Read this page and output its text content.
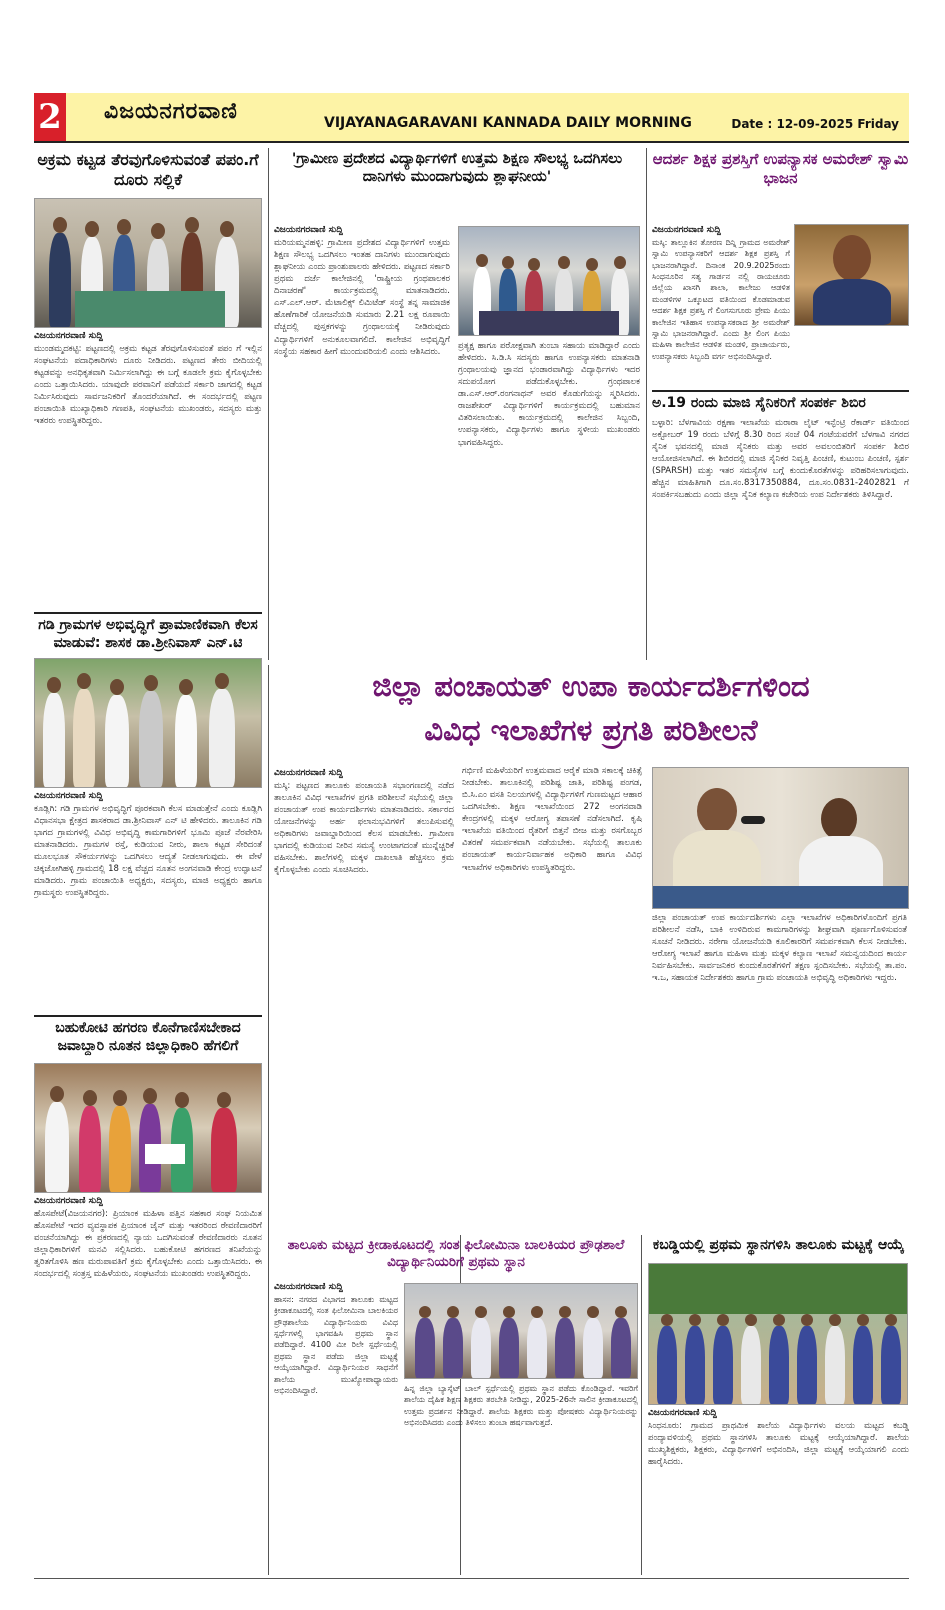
2 ವಿಜಯನಗರವಾಣಿ	VIJAYANAGARAVANI KANNADA DAILY MORNING	Date : 12-09-2025 Friday

ಅಕ್ರಮ ಕಟ್ಟಡ ತೆರವುಗೊಳಿಸುವಂತೆ ಪಪಂ.ಗೆ ದೂರು ಸಲ್ಲಿಕೆ

ವಿಜಯನಗರವಾಣಿ ಸುದ್ದಿ

ಮುಂಡಮ್ಮದಕಟ್ಟಿ: ಪಟ್ಟಣದಲ್ಲಿ ಅಕ್ರಮ ಕಟ್ಟಡ ತೆರವುಗೊಳಿಸುವಂತೆ ಪಪಂ ಗೆ ಇಲ್ಲಿನ ಸಂಘಟನೆಯ ಪದಾಧಿಕಾರಿಗಳು ದೂರು ನೀಡಿದರು. ಪಟ್ಟಣದ ತೇರು ಬೀದಿಯಲ್ಲಿ ಕಟ್ಟಡವನ್ನು ಅನಧಿಕೃತವಾಗಿ ನಿರ್ಮಿಸಲಾಗಿದ್ದು ಈ ಬಗ್ಗೆ ಕೂಡಲೇ ಕ್ರಮ ಕೈಗೊಳ್ಳಬೇಕು ಎಂದು ಒತ್ತಾಯಿಸಿದರು. ಯಾವುದೇ ಪರವಾನಿಗೆ ಪಡೆಯದೆ ಸರ್ಕಾರಿ ಜಾಗದಲ್ಲಿ ಕಟ್ಟಡ ನಿರ್ಮಿಸಿರುವುದು ಸಾರ್ವಜನಿಕರಿಗೆ ತೊಂದರೆಯಾಗಿದೆ. ಈ ಸಂದರ್ಭದಲ್ಲಿ ಪಟ್ಟಣ ಪಂಚಾಯಿತಿ ಮುಖ್ಯಾಧಿಕಾರಿ ಗಣಪತಿ, ಸಂಘಟನೆಯ ಮುಖಂಡರು, ಸದಸ್ಯರು ಮತ್ತು ಇತರರು ಉಪಸ್ಥಿತರಿದ್ದರು.

ಗಡಿ ಗ್ರಾಮಗಳ ಅಭಿವೃದ್ಧಿಗೆ ಪ್ರಾಮಾಣಿಕವಾಗಿ ಕೆಲಸ ಮಾಡುವೆ: ಶಾಸಕ ಡಾ.ಶ್ರೀನಿವಾಸ್ ಎನ್.ಟಿ

ವಿಜಯನಗರವಾಣಿ ಸುದ್ದಿ

ಕೂಡ್ಲಿಗಿ: ಗಡಿ ಗ್ರಾಮಗಳ ಅಭಿವೃದ್ಧಿಗೆ ಪೂರಕವಾಗಿ ಕೆಲಸ ಮಾಡುತ್ತೇನೆ ಎಂದು ಕೂಡ್ಲಿಗಿ ವಿಧಾನಸಭಾ ಕ್ಷೇತ್ರದ ಶಾಸಕರಾದ ಡಾ.ಶ್ರೀನಿವಾಸ್ ಎನ್ ಟಿ ಹೇಳಿದರು. ತಾಲೂಕಿನ ಗಡಿ ಭಾಗದ ಗ್ರಾಮಗಳಲ್ಲಿ ವಿವಿಧ ಅಭಿವೃದ್ಧಿ ಕಾಮಗಾರಿಗಳಿಗೆ ಭೂಮಿ ಪೂಜೆ ನೆರವೇರಿಸಿ ಮಾತನಾಡಿದರು. ಗ್ರಾಮಗಳ ರಸ್ತೆ, ಕುಡಿಯುವ ನೀರು, ಶಾಲಾ ಕಟ್ಟಡ ಸೇರಿದಂತೆ ಮೂಲಭೂತ ಸೌಕರ್ಯಗಳನ್ನು ಒದಗಿಸಲು ಆದ್ಯತೆ ನೀಡಲಾಗುವುದು. ಈ ವೇಳೆ ಚಿಕ್ಕಜೋಗಿಹಳ್ಳಿ ಗ್ರಾಮದಲ್ಲಿ 18 ಲಕ್ಷ ವೆಚ್ಚದ ನೂತನ ಅಂಗನವಾಡಿ ಕೇಂದ್ರ ಉದ್ಘಾಟನೆ ಮಾಡಿದರು. ಗ್ರಾಮ ಪಂಚಾಯಿತಿ ಅಧ್ಯಕ್ಷರು, ಸದಸ್ಯರು, ಮಾಜಿ ಅಧ್ಯಕ್ಷರು ಹಾಗೂ ಗ್ರಾಮಸ್ಥರು ಉಪಸ್ಥಿತರಿದ್ದರು.

ಬಹುಕೋಟಿ ಹಗರಣ ಕೊನೆಗಾಣಿಸಬೇಕಾದ ಜವಾಬ್ದಾರಿ ನೂತನ ಜಿಲ್ಲಾಧಿಕಾರಿ ಹೆಗಲಿಗೆ

ವಿಜಯನಗರವಾಣಿ ಸುದ್ದಿ

ಹೊಸಪೇಟೆ(ವಿಜಯನಗರ): ಪ್ರಿಯಾಂಕ ಮಹಿಳಾ ಪತ್ತಿನ ಸಹಕಾರ ಸಂಘ ನಿಯಮಿತ ಹೊಸಪೇಟೆ ಇದರ ವ್ಯವಸ್ಥಾಪಕ ಪ್ರಿಯಾಂಕ ಜೈನ್ ಮತ್ತು ಇತರರಿಂದ ಠೇವಣಿದಾರರಿಗೆ ವಂಚನೆಯಾಗಿದ್ದು ಈ ಪ್ರಕರಣದಲ್ಲಿ ನ್ಯಾಯ ಒದಗಿಸುವಂತೆ ಠೇವಣಿದಾರರು ನೂತನ ಜಿಲ್ಲಾಧಿಕಾರಿಗಳಿಗೆ ಮನವಿ ಸಲ್ಲಿಸಿದರು. ಬಹುಕೋಟಿ ಹಗರಣದ ತನಿಖೆಯನ್ನು ತ್ವರಿತಗೊಳಿಸಿ ಹಣ ಮರುಪಾವತಿಗೆ ಕ್ರಮ ಕೈಗೊಳ್ಳಬೇಕು ಎಂದು ಒತ್ತಾಯಿಸಿದರು. ಈ ಸಂದರ್ಭದಲ್ಲಿ ಸಂತ್ರಸ್ತ ಮಹಿಳೆಯರು, ಸಂಘಟನೆಯ ಮುಖಂಡರು ಉಪಸ್ಥಿತರಿದ್ದರು.

'ಗ್ರಾಮೀಣ ಪ್ರದೇಶದ ವಿದ್ಯಾರ್ಥಿಗಳಿಗೆ ಉತ್ತಮ ಶಿಕ್ಷಣ ಸೌಲಭ್ಯ ಒದಗಿಸಲು ದಾನಿಗಳು ಮುಂದಾಗುವುದು ಶ್ಲಾಘನೀಯ'

ವಿಜಯನಗರವಾಣಿ ಸುದ್ದಿ

ಮರಿಯಮ್ಮನಹಳ್ಳಿ: ಗ್ರಾಮೀಣ ಪ್ರದೇಶದ ವಿದ್ಯಾರ್ಥಿಗಳಿಗೆ ಉತ್ತಮ ಶಿಕ್ಷಣ ಸೌಲಭ್ಯ ಒದಗಿಸಲು ಇಂತಹ ದಾನಿಗಳು ಮುಂದಾಗುವುದು ಶ್ಲಾಘನೀಯ ಎಂದು ಪ್ರಾಂಶುಪಾಲರು ಹೇಳಿದರು. ಪಟ್ಟಣದ ಸರ್ಕಾರಿ ಪ್ರಥಮ ದರ್ಜೆ ಕಾಲೇಜಿನಲ್ಲಿ 'ರಾಷ್ಟ್ರೀಯ ಗ್ರಂಥಪಾಲಕರ ದಿನಾಚರಣೆ' ಕಾರ್ಯಕ್ರಮದಲ್ಲಿ ಮಾತನಾಡಿದರು. ಎಸ್.ಎಲ್.ಆರ್. ಮೆಟಾಲಿಕ್ಸ್ ಲಿಮಿಟೆಡ್ ಸಂಸ್ಥೆ ತನ್ನ ಸಾಮಾಜಿಕ ಹೊಣೆಗಾರಿಕೆ ಯೋಜನೆಯಡಿ ಸುಮಾರು 2.21 ಲಕ್ಷ ರೂಪಾಯಿ ವೆಚ್ಚದಲ್ಲಿ ಪುಸ್ತಕಗಳನ್ನು ಗ್ರಂಥಾಲಯಕ್ಕೆ ನೀಡಿರುವುದು ವಿದ್ಯಾರ್ಥಿಗಳಿಗೆ ಅನುಕೂಲವಾಗಲಿದೆ. ಕಾಲೇಜಿನ ಅಭಿವೃದ್ಧಿಗೆ ಸಂಸ್ಥೆಯ ಸಹಕಾರ ಹೀಗೆ ಮುಂದುವರಿಯಲಿ ಎಂದು ಆಶಿಸಿದರು.

ಪ್ರತ್ಯಕ್ಷ ಹಾಗೂ ಪರೋಕ್ಷವಾಗಿ ತುಂಬಾ ಸಹಾಯ ಮಾಡಿದ್ದಾರೆ ಎಂದು ಹೇಳಿದರು. ಸಿ.ಡಿ.ಸಿ ಸದಸ್ಯರು ಹಾಗೂ ಉಪನ್ಯಾಸಕರು ಮಾತನಾಡಿ ಗ್ರಂಥಾಲಯವು ಜ್ಞಾನದ ಭಂಡಾರವಾಗಿದ್ದು ವಿದ್ಯಾರ್ಥಿಗಳು ಇದರ ಸದುಪಯೋಗ ಪಡೆದುಕೊಳ್ಳಬೇಕು. ಗ್ರಂಥಪಾಲಕ ಡಾ.ಎಸ್.ಆರ್.ರಂಗನಾಥನ್ ಅವರ ಕೊಡುಗೆಯನ್ನು ಸ್ಮರಿಸಿದರು. ರಾಜಶೇಖರ್ ವಿದ್ಯಾರ್ಥಿಗಳಿಗೆ ಕಾರ್ಯಕ್ರಮದಲ್ಲಿ ಬಹುಮಾನ ವಿತರಿಸಲಾಯಿತು. ಕಾರ್ಯಕ್ರಮದಲ್ಲಿ ಕಾಲೇಜಿನ ಸಿಬ್ಬಂದಿ, ಉಪನ್ಯಾಸಕರು, ವಿದ್ಯಾರ್ಥಿಗಳು ಹಾಗೂ ಸ್ಥಳೀಯ ಮುಖಂಡರು ಭಾಗವಹಿಸಿದ್ದರು.

ಆದರ್ಶ ಶಿಕ್ಷಕ ಪ್ರಶಸ್ತಿಗೆ ಉಪನ್ಯಾಸಕ ಅಮರೇಶ್ ಸ್ವಾಮಿ ಭಾಜನ

ವಿಜಯನಗರವಾಣಿ ಸುದ್ದಿ

ಮಸ್ಕಿ: ತಾಲ್ಲೂಕಿನ ತೋರಣ ದಿನ್ನಿ ಗ್ರಾಮದ ಅಮರೇಶ್ ಸ್ವಾಮಿ ಉಪನ್ಯಾಸಕರಿಗೆ ಆದರ್ಶ ಶಿಕ್ಷಕ ಪ್ರಶಸ್ತಿ ಗೆ ಭಾಜನರಾಗಿದ್ದಾರೆ. ದಿನಾಂಕ 20.9.2025ರಂದು ಸಿಂಧನೂರಿನ ಸತ್ಯ ಗಾರ್ಡನ ನಲ್ಲಿ ರಾಯಚೂರು ಜಿಲ್ಲೆಯ ಖಾಸಗಿ ಶಾಲಾ, ಕಾಲೇಜು ಆಡಳಿತ ಮಂಡಳಿಗಳ ಒಕ್ಕೂಟದ ವತಿಯಿಂದ ಕೊಡಮಾಡುವ ಆದರ್ಶ ಶಿಕ್ಷಕ ಪ್ರಶಸ್ತಿ ಗೆ ಲಿಂಗಸುಗೂರು ಪ್ರೇಮ ಪಿಯು ಕಾಲೇಜಿನ ಇತಿಹಾಸ ಉಪನ್ಯಾಸಕರಾದ ಶ್ರೀ ಅಮರೇಶ್ ಸ್ವಾಮಿ ಭಾಜನರಾಗಿದ್ದಾರೆ. ಎಂದು ಶ್ರೀ ಲಿಂಗ ಪಿಯು ಮಹಿಳಾ ಕಾಲೇಜಿನ ಆಡಳಿತ ಮಂಡಳಿ, ಪ್ರಾಚಾರ್ಯರು, ಉಪನ್ಯಾಸಕರು ಸಿಬ್ಬಂದಿ ವರ್ಗ ಅಭಿನಂದಿಸಿದ್ದಾರೆ.

ಅ.19 ರಂದು ಮಾಜಿ ಸೈನಿಕರಿಗೆ ಸಂಪರ್ಕ ಶಿಬಿರ

ಬಳ್ಳಾರಿ: ಬೆಳಗಾವಿಯ ರಕ್ಷಣಾ ಇಲಾಖೆಯ ಮರಾಠಾ ಲೈಟ್ ಇನ್ಫೆಂಟ್ರಿ ರೆಕಾರ್ಡ್ ವತಿಯಿಂದ ಅಕ್ಟೋಬರ್ 19 ರಂದು ಬೆಳಿಗ್ಗೆ 8.30 ರಿಂದ ಸಂಜೆ 04 ಗಂಟೆಯವರೆಗೆ ಬೆಳಗಾವಿ ನಗರದ ಸೈನಿಕ ಭವನದಲ್ಲಿ ಮಾಜಿ ಸೈನಿಕರು ಮತ್ತು ಅವರ ಅವಲಂಬಿತರಿಗೆ ಸಂಪರ್ಕ ಶಿಬಿರ ಆಯೋಜಿಸಲಾಗಿದೆ. ಈ ಶಿಬಿರದಲ್ಲಿ ಮಾಜಿ ಸೈನಿಕರ ನಿವೃತ್ತಿ ಪಿಂಚಣಿ, ಕುಟುಂಬ ಪಿಂಚಣಿ, ಸ್ಪರ್ಶ (SPARSH) ಮತ್ತು ಇತರ ಸಮಸ್ಯೆಗಳ ಬಗ್ಗೆ ಕುಂದುಕೊರತೆಗಳನ್ನು ಪರಿಹರಿಸಲಾಗುವುದು. ಹೆಚ್ಚಿನ ಮಾಹಿತಿಗಾಗಿ ದೂ.ಸಂ.8317350884, ದೂ.ಸಂ.0831-2402821 ಗೆ ಸಂಪರ್ಕಿಸಬಹುದು ಎಂದು ಜಿಲ್ಲಾ ಸೈನಿಕ ಕಲ್ಯಾಣ ಕಚೇರಿಯ ಉಪ ನಿರ್ದೇಶಕರು ತಿಳಿಸಿದ್ದಾರೆ.

ಜಿಲ್ಲಾ ಪಂಚಾಯತ್ ಉಪಾ ಕಾರ್ಯದರ್ಶಿಗಳಿಂದ
ವಿವಿಧ ಇಲಾಖೆಗಳ ಪ್ರಗತಿ ಪರಿಶೀಲನೆ

ವಿಜಯನಗರವಾಣಿ ಸುದ್ದಿ

ಮಸ್ಕಿ: ಪಟ್ಟಣದ ತಾಲೂಕು ಪಂಚಾಯತಿ ಸಭಾಂಗಣದಲ್ಲಿ ನಡೆದ ತಾಲೂಕಿನ ವಿವಿಧ ಇಲಾಖೆಗಳ ಪ್ರಗತಿ ಪರಿಶೀಲನೆ ಸಭೆಯಲ್ಲಿ ಜಿಲ್ಲಾ ಪಂಚಾಯತ್ ಉಪ ಕಾರ್ಯದರ್ಶಿಗಳು ಮಾತನಾಡಿದರು. ಸರ್ಕಾರದ ಯೋಜನೆಗಳನ್ನು ಅರ್ಹ ಫಲಾನುಭವಿಗಳಿಗೆ ತಲುಪಿಸುವಲ್ಲಿ ಅಧಿಕಾರಿಗಳು ಜವಾಬ್ದಾರಿಯಿಂದ ಕೆಲಸ ಮಾಡಬೇಕು. ಗ್ರಾಮೀಣ ಭಾಗದಲ್ಲಿ ಕುಡಿಯುವ ನೀರಿನ ಸಮಸ್ಯೆ ಉಂಟಾಗದಂತೆ ಮುನ್ನೆಚ್ಚರಿಕೆ ವಹಿಸಬೇಕು. ಶಾಲೆಗಳಲ್ಲಿ ಮಕ್ಕಳ ದಾಖಲಾತಿ ಹೆಚ್ಚಿಸಲು ಕ್ರಮ ಕೈಗೊಳ್ಳಬೇಕು ಎಂದು ಸೂಚಿಸಿದರು.

ಗರ್ಭಿಣಿ ಮಹಿಳೆಯರಿಗೆ ಉತ್ತಮವಾದ ಆರೈಕೆ ಮಾಡಿ ಸಕಾಲಕ್ಕೆ ಚಿಕಿತ್ಸೆ ನೀಡಬೇಕು. ತಾಲೂಕಿನಲ್ಲಿ ಪರಿಶಿಷ್ಟ ಜಾತಿ, ಪರಿಶಿಷ್ಟ ಪಂಗಡ, ಬಿ.ಸಿ.ಎಂ ವಸತಿ ನಿಲಯಗಳಲ್ಲಿ ವಿದ್ಯಾರ್ಥಿಗಳಿಗೆ ಗುಣಮಟ್ಟದ ಆಹಾರ ಒದಗಿಸಬೇಕು. ಶಿಕ್ಷಣ ಇಲಾಖೆಯಿಂದ 272 ಅಂಗನವಾಡಿ ಕೇಂದ್ರಗಳಲ್ಲಿ ಮಕ್ಕಳ ಆರೋಗ್ಯ ತಪಾಸಣೆ ನಡೆಸಲಾಗಿದೆ. ಕೃಷಿ ಇಲಾಖೆಯ ವತಿಯಿಂದ ರೈತರಿಗೆ ಬಿತ್ತನೆ ಬೀಜ ಮತ್ತು ರಸಗೊಬ್ಬರ ವಿತರಣೆ ಸಮರ್ಪಕವಾಗಿ ನಡೆಯಬೇಕು. ಸಭೆಯಲ್ಲಿ ತಾಲೂಕು ಪಂಚಾಯತ್ ಕಾರ್ಯನಿರ್ವಾಹಕ ಅಧಿಕಾರಿ ಹಾಗೂ ವಿವಿಧ ಇಲಾಖೆಗಳ ಅಧಿಕಾರಿಗಳು ಉಪಸ್ಥಿತರಿದ್ದರು.

ಜಿಲ್ಲಾ ಪಂಚಾಯತ್ ಉಪ ಕಾರ್ಯದರ್ಶಿಗಳು ಎಲ್ಲಾ ಇಲಾಖೆಗಳ ಅಧಿಕಾರಿಗಳೊಂದಿಗೆ ಪ್ರಗತಿ ಪರಿಶೀಲನೆ ನಡೆಸಿ, ಬಾಕಿ ಉಳಿದಿರುವ ಕಾಮಗಾರಿಗಳನ್ನು ಶೀಘ್ರವಾಗಿ ಪೂರ್ಣಗೊಳಿಸುವಂತೆ ಸೂಚನೆ ನೀಡಿದರು. ನರೇಗಾ ಯೋಜನೆಯಡಿ ಕೂಲಿಕಾರರಿಗೆ ಸಮರ್ಪಕವಾಗಿ ಕೆಲಸ ನೀಡಬೇಕು. ಆರೋಗ್ಯ ಇಲಾಖೆ ಹಾಗೂ ಮಹಿಳಾ ಮತ್ತು ಮಕ್ಕಳ ಕಲ್ಯಾಣ ಇಲಾಖೆ ಸಮನ್ವಯದಿಂದ ಕಾರ್ಯ ನಿರ್ವಹಿಸಬೇಕು. ಸಾರ್ವಜನಿಕರ ಕುಂದುಕೊರತೆಗಳಿಗೆ ತಕ್ಷಣ ಸ್ಪಂದಿಸಬೇಕು. ಸಭೆಯಲ್ಲಿ ತಾ.ಪಂ. ಇ.ಒ, ಸಹಾಯಕ ನಿರ್ದೇಶಕರು ಹಾಗೂ ಗ್ರಾಮ ಪಂಚಾಯತಿ ಅಭಿವೃದ್ಧಿ ಅಧಿಕಾರಿಗಳು ಇದ್ದರು.

ತಾಲೂಕು ಮಟ್ಟದ ಕ್ರೀಡಾಕೂಟದಲ್ಲಿ ಸಂತ ಫಿಲೋಮಿನಾ ಬಾಲಕಿಯರ ಪ್ರೌಢಶಾಲೆ ವಿದ್ಯಾರ್ಥಿನಿಯರಿಗೆ ಪ್ರಥಮ ಸ್ಥಾನ

ವಿಜಯನಗರವಾಣಿ ಸುದ್ದಿ

ಹಾಸನ: ನಗರದ ವಿಭಾಗದ ತಾಲೂಕು ಮಟ್ಟದ ಕ್ರೀಡಾಕೂಟದಲ್ಲಿ ಸಂತ ಫಿಲೋಮಿನಾ ಬಾಲಕಿಯರ ಪ್ರೌಢಶಾಲೆಯ ವಿದ್ಯಾರ್ಥಿನಿಯರು ವಿವಿಧ ಸ್ಪರ್ಧೆಗಳಲ್ಲಿ ಭಾಗವಹಿಸಿ ಪ್ರಥಮ ಸ್ಥಾನ ಪಡೆದಿದ್ದಾರೆ. 4100 ಮೀ ರಿಲೇ ಸ್ಪರ್ಧೆಯಲ್ಲಿ ಪ್ರಥಮ ಸ್ಥಾನ ಪಡೆದು ಜಿಲ್ಲಾ ಮಟ್ಟಕ್ಕೆ ಆಯ್ಕೆಯಾಗಿದ್ದಾರೆ. ವಿದ್ಯಾರ್ಥಿನಿಯರ ಸಾಧನೆಗೆ ಶಾಲೆಯ ಮುಖ್ಯೋಪಾಧ್ಯಾಯರು ಅಭಿನಂದಿಸಿದ್ದಾರೆ.	ಹಿನ್ನ ಜಿಲ್ಲಾ ಬ್ಯಾಸ್ಕೆಟ್ ಬಾಲ್ ಸ್ಪರ್ಧೆಯಲ್ಲಿ ಪ್ರಥಮ ಸ್ಥಾನ ಪಡೆದು ಕೊಂಡಿದ್ದಾರೆ. ಇವರಿಗೆ ಶಾಲೆಯ ದೈಹಿಕ ಶಿಕ್ಷಣ ಶಿಕ್ಷಕರು ತರಬೇತಿ ನೀಡಿದ್ದು, 2025-26ನೇ ಸಾಲಿನ ಕ್ರೀಡಾಕೂಟದಲ್ಲಿ ಉತ್ತಮ ಪ್ರದರ್ಶನ ನೀಡಿದ್ದಾರೆ. ಶಾಲೆಯ ಶಿಕ್ಷಕರು ಮತ್ತು ಪೋಷಕರು ವಿದ್ಯಾರ್ಥಿನಿಯರನ್ನು ಅಭಿನಂದಿಸಿದರು ಎಂದು ತಿಳಿಸಲು ತುಂಬಾ ಹರ್ಷವಾಗುತ್ತದೆ.

ಕಬಡ್ಡಿಯಲ್ಲಿ ಪ್ರಥಮ ಸ್ಥಾನಗಳಿಸಿ ತಾಲೂಕು ಮಟ್ಟಕ್ಕೆ ಆಯ್ಕೆ

ವಿಜಯನಗರವಾಣಿ ಸುದ್ದಿ

ಸಿಂಧನೂರು: ಗ್ರಾಮದ ಪ್ರಾಥಮಿಕ ಶಾಲೆಯ ವಿದ್ಯಾರ್ಥಿಗಳು ವಲಯ ಮಟ್ಟದ ಕಬಡ್ಡಿ ಪಂದ್ಯಾವಳಿಯಲ್ಲಿ ಪ್ರಥಮ ಸ್ಥಾನಗಳಿಸಿ ತಾಲೂಕು ಮಟ್ಟಕ್ಕೆ ಆಯ್ಕೆಯಾಗಿದ್ದಾರೆ. ಶಾಲೆಯ ಮುಖ್ಯಶಿಕ್ಷಕರು, ಶಿಕ್ಷಕರು, ವಿದ್ಯಾರ್ಥಿಗಳಿಗೆ ಅಭಿನಂದಿಸಿ, ಜಿಲ್ಲಾ ಮಟ್ಟಕ್ಕೆ ಆಯ್ಕೆಯಾಗಲಿ ಎಂದು ಹಾರೈಸಿದರು.
